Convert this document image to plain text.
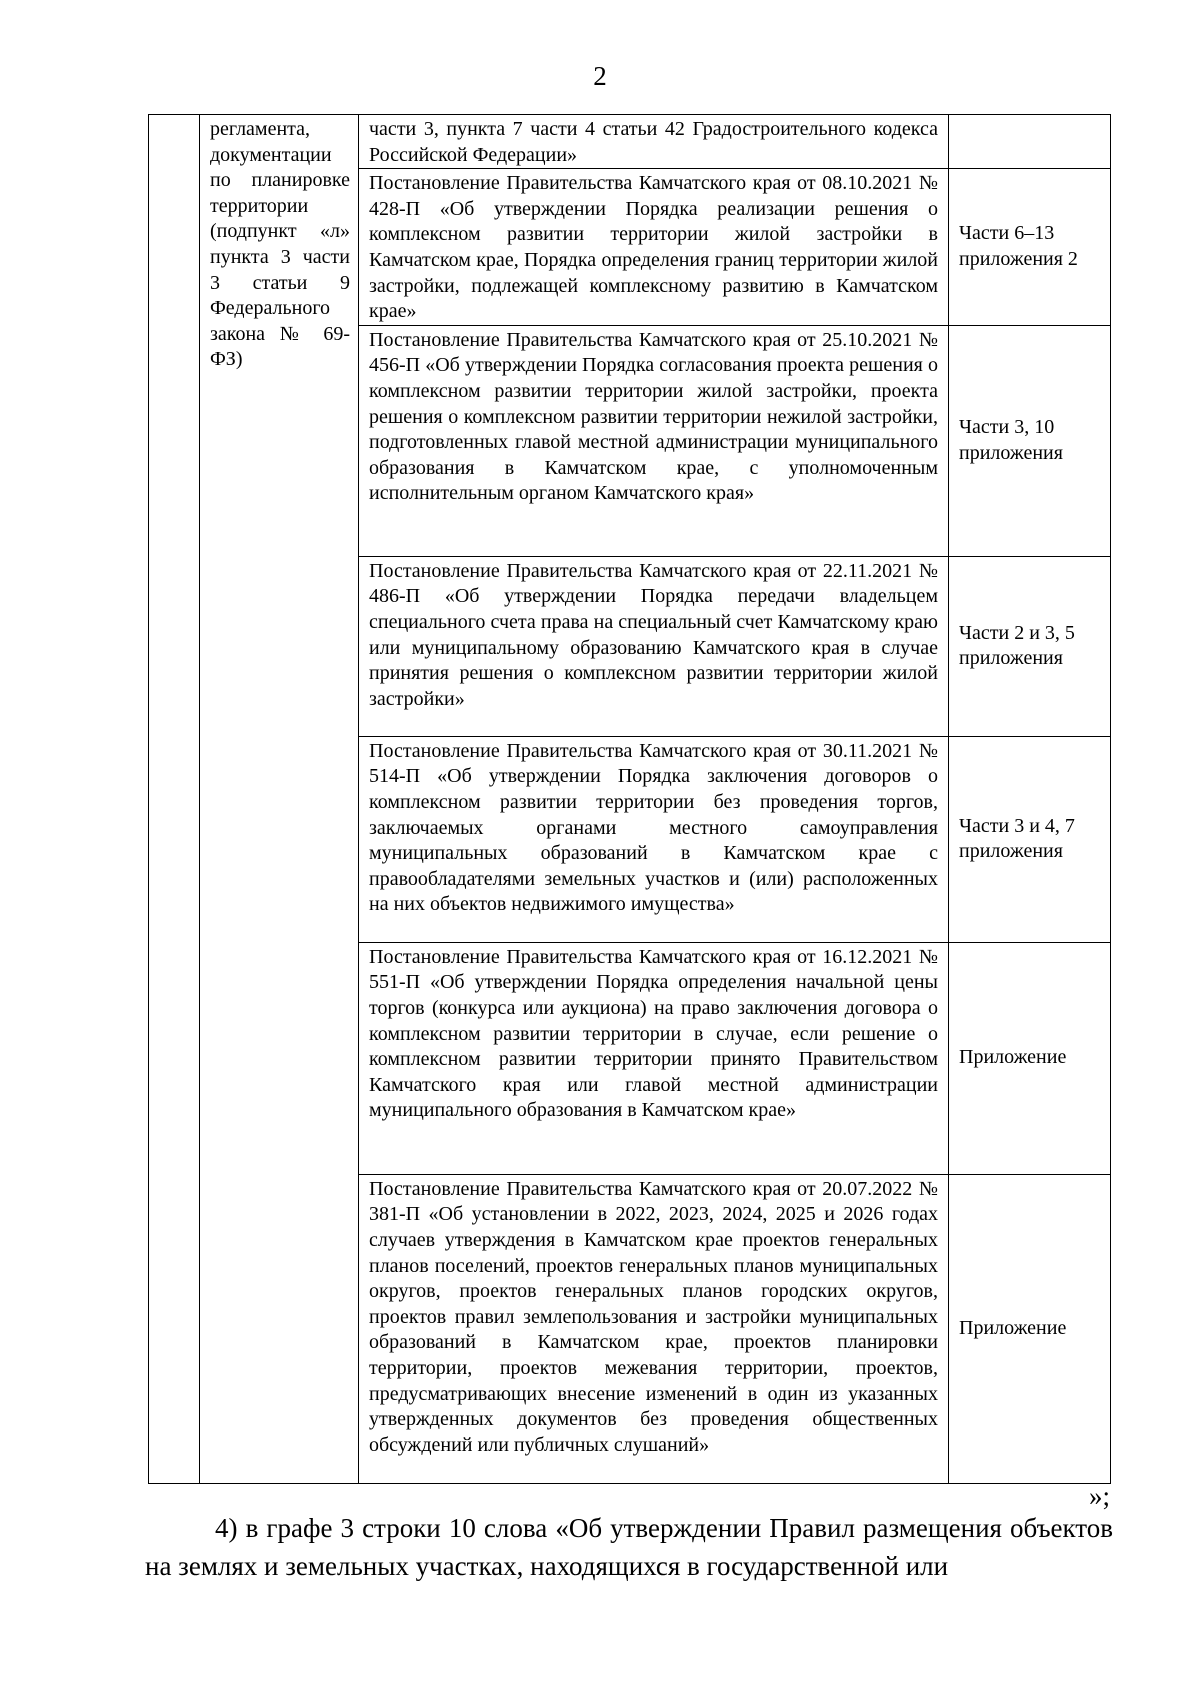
2
	регламента, документации по планировке территории (подпункт «л» пункта 3 части 3 статьи 9 Федерального закона № 69-ФЗ)	части 3, пункта 7 части 4 статьи 42 Градостроительного кодекса Российской Федерации»	
		Постановление Правительства Камчатского края от 08.10.2021 № 428-П «Об утверждении Порядка реализации решения о комплексном развитии территории жилой застройки в Камчатском крае, Порядка определения границ территории жилой застройки, подлежащей комплексному развитию в Камчатском крае»	Части 6–13 приложения 2
		Постановление Правительства Камчатского края от 25.10.2021 № 456-П «Об утверждении Порядка согласования проекта решения о комплексном развитии территории жилой застройки, проекта решения о комплексном развитии территории нежилой застройки, подготовленных главой местной администрации муниципального образования в Камчатском крае, с уполномоченным исполнительным органом Камчатского края»	Части 3, 10 приложения
		Постановление Правительства Камчатского края от 22.11.2021 № 486-П «Об утверждении Порядка передачи владельцем специального счета права на специальный счет Камчатскому краю или муниципальному образованию Камчатского края в случае принятия решения о комплексном развитии территории жилой застройки»	Части 2 и 3, 5 приложения
		Постановление Правительства Камчатского края от 30.11.2021 № 514-П «Об утверждении Порядка заключения договоров о комплексном развитии территории без проведения торгов, заключаемых органами местного самоуправления муниципальных образований в Камчатском крае с правообладателями земельных участков и (или) расположенных на них объектов недвижимого имущества»	Части 3 и 4, 7 приложения
		Постановление Правительства Камчатского края от 16.12.2021 № 551-П «Об утверждении Порядка определения начальной цены торгов (конкурса или аукциона) на право заключения договора о комплексном развитии территории в случае, если решение о комплексном развитии территории принято Правительством Камчатского края или главой местной администрации муниципального образования в Камчатском крае»	Приложение
		Постановление Правительства Камчатского края от 20.07.2022 № 381-П «Об установлении в 2022, 2023, 2024, 2025 и 2026 годах случаев утверждения в Камчатском крае проектов генеральных планов поселений, проектов генеральных планов муниципальных округов, проектов генеральных планов городских округов, проектов правил землепользования и застройки муниципальных образований в Камчатском крае, проектов планировки территории, проектов межевания территории, проектов, предусматривающих внесение изменений в один из указанных утвержденных документов без проведения общественных обсуждений или публичных слушаний»	Приложение
»;

4) в графе 3 строки 10 слова «Об утверждении Правил размещения объектов на землях и земельных участках, находящихся в государственной или
